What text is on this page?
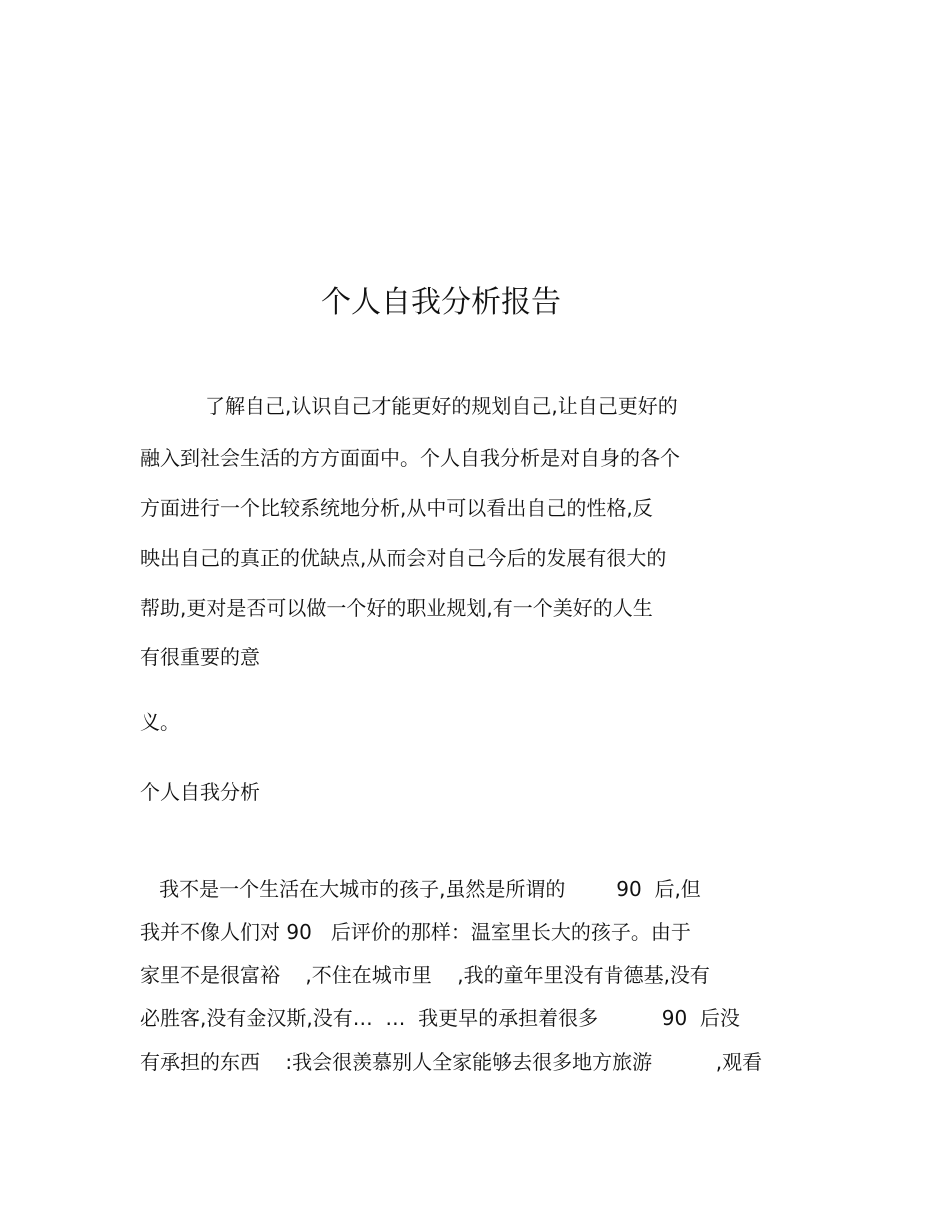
个人自我分析报告

了解自己,认识自己才能更好的规划自己,让自己更好的

融入到社会生活的方方面面中。个人自我分析是对自身的各个

方面进行一个比较系统地分析,从中可以看出自己的性格,反

映出自己的真正的优缺点,从而会对自己今后的发展有很大的

帮助,更对是否可以做一个好的职业规划,有一个美好的人生

有很重要的意

义。

个人自我分析

我不是一个生活在大城市的孩子,虽然是所谓的        90  后,但

我并不像人们对 90   后评价的那样：温室里长大的孩子。由于

家里不是很富裕    ,不住在城市里    ,我的童年里没有肯德基,没有

必胜客,没有金汉斯,没有…  …  我更早的承担着很多          90  后没

有承担的东西    :我会很羡慕别人全家能够去很多地方旅游          ,观看
